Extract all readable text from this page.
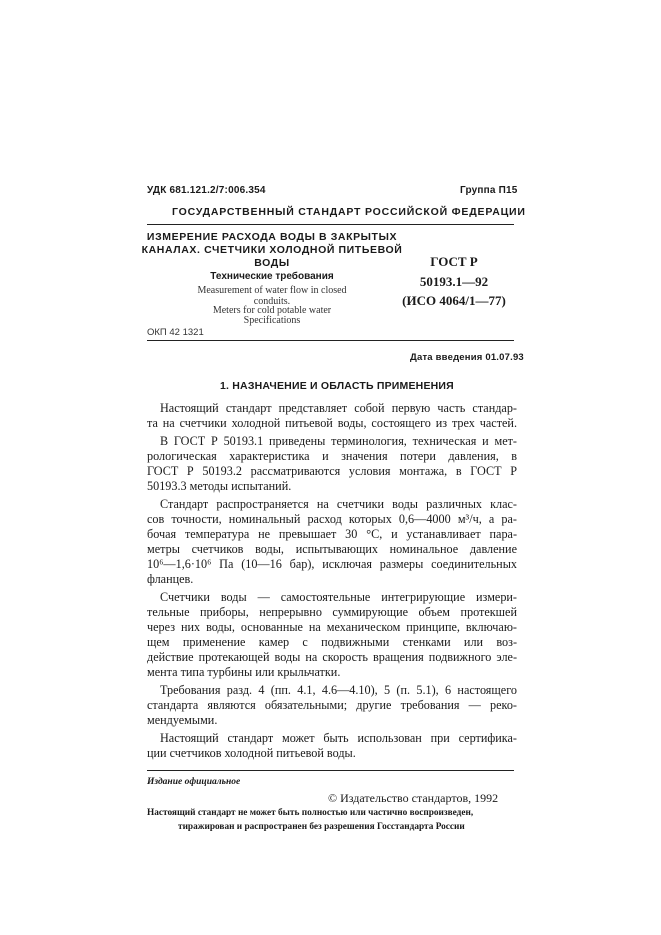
УДК 681.121.2/7:006.354	Группа П15
ГОСУДАРСТВЕННЫЙ СТАНДАРТ РОССИЙСКОЙ ФЕДЕРАЦИИ
ИЗМЕРЕНИЕ РАСХОДА ВОДЫ В ЗАКРЫТЫХ
КАНАЛАХ. СЧЕТЧИКИ ХОЛОДНОЙ ПИТЬЕВОЙ
ВОДЫ
Технические требования
Measurement of water flow in closed
conduits.
Meters for cold potable water
Specifications
ГОСТ Р
50193.1—92
(ИСО 4064/1—77)
ОКП 42 1321
Дата введения 01.07.93
1. НАЗНАЧЕНИЕ И ОБЛАСТЬ ПРИМЕНЕНИЯ
Настоящий стандарт представляет собой первую часть стандар-
та на счетчики холодной питьевой воды, состоящего из трех частей.
В ГОСТ Р 50193.1 приведены терминология, техническая и мет-
рологическая характеристика и значения потери давления, в
ГОСТ Р 50193.2 рассматриваются условия монтажа, в ГОСТ Р
50193.3 методы испытаний.
Стандарт распространяется на счетчики воды различных клас-
сов точности, номинальный расход которых 0,6—4000 м³/ч, а ра-
бочая температура не превышает 30 °С, и устанавливает пара-
метры счетчиков воды, испытывающих номинальное давление
10⁶—1,6·10⁶ Па (10—16 бар), исключая размеры соединительных
фланцев.
Счетчики воды — самостоятельные интегрирующие измери-
тельные приборы, непрерывно суммирующие объем протекшей
через них воды, основанные на механическом принципе, включаю-
щем применение камер с подвижными стенками или воз-
действие протекающей воды на скорость вращения подвижного эле-
мента типа турбины или крыльчатки.
Требования разд. 4 (пп. 4.1, 4.6—4.10), 5 (п. 5.1), 6 настоящего
стандарта являются обязательными; другие требования — реко-
мендуемыми.
Настоящий стандарт может быть использован при сертифика-
ции счетчиков холодной питьевой воды.
Издание официальное
© Издательство стандартов, 1992
Настоящий стандарт не может быть полностью или частично воспроизведен,
тиражирован и распространен без разрешения Госстандарта России
